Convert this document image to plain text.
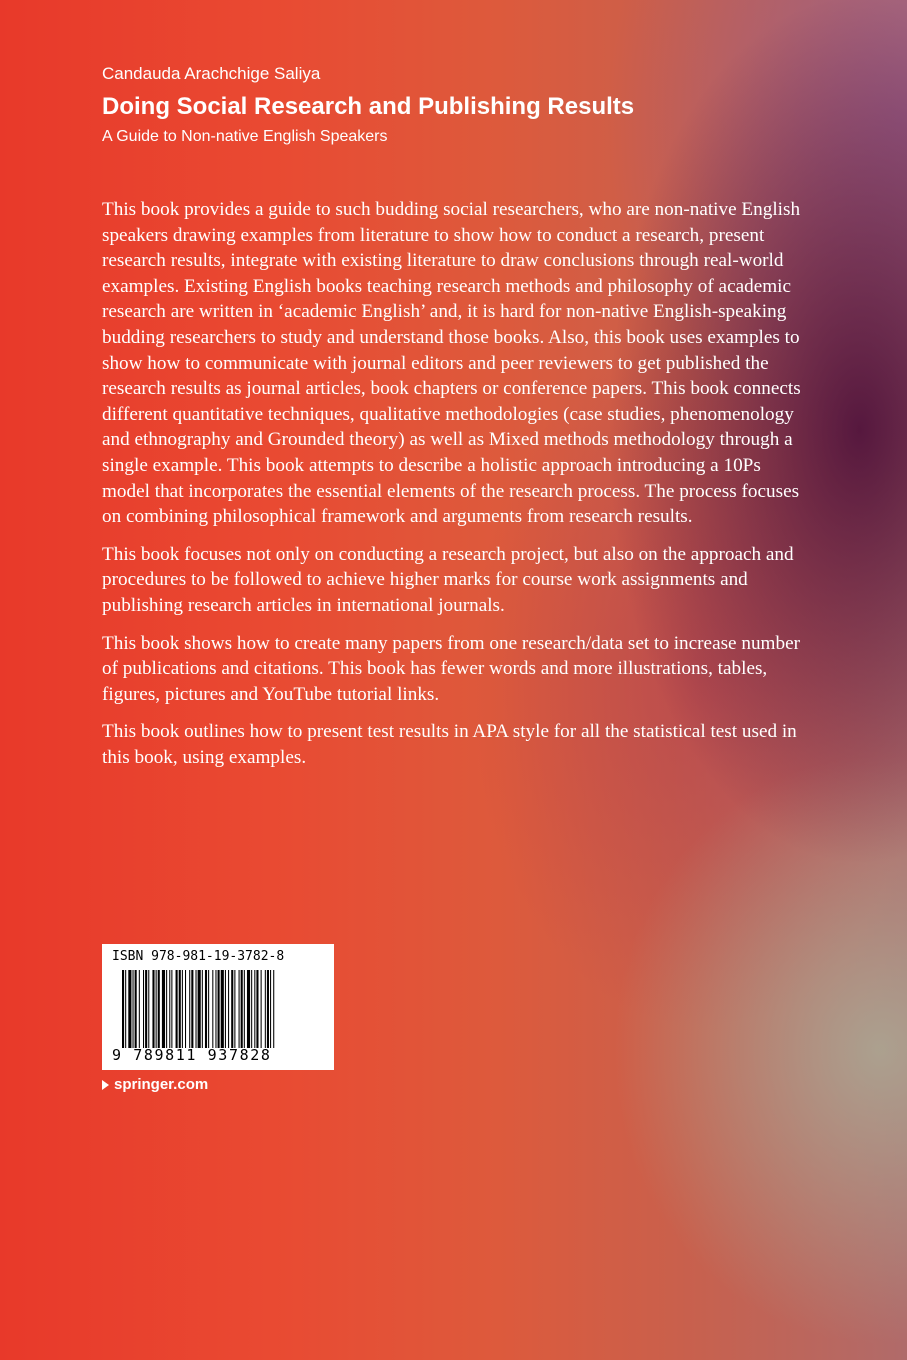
Candauda Arachchige Saliya

Doing Social Research and Publishing Results

A Guide to Non-native English Speakers

This book provides a guide to such budding social researchers, who are non-native English speakers drawing examples from literature to show how to conduct a research, present research results, integrate with existing literature to draw conclusions through real-world examples. Existing English books teaching research methods and philosophy of academic research are written in ‘academic English’ and, it is hard for non-native English-speaking budding researchers to study and understand those books. Also, this book uses examples to show how to communicate with journal editors and peer reviewers to get published the research results as journal articles, book chapters or conference papers. This book connects different quantitative techniques, qualitative methodologies (case studies, phenomenology and ethnography and Grounded theory) as well as Mixed methods methodology through a single example. This book attempts to describe a holistic approach introducing a 10Ps model that incorporates the essential elements of the research process. The process focuses on combining philosophical framework and arguments from research results.

This book focuses not only on conducting a research project, but also on the approach and procedures to be followed to achieve higher marks for course work assignments and publishing research articles in international journals.

This book shows how to create many papers from one research/data set to increase number of publications and citations. This book has fewer words and more illustrations, tables, figures, pictures and YouTube tutorial links.

This book outlines how to present test results in APA style for all the statistical test used in this book, using examples.

ISBN 978-981-19-3782-8
9 789811 937828
springer.com
